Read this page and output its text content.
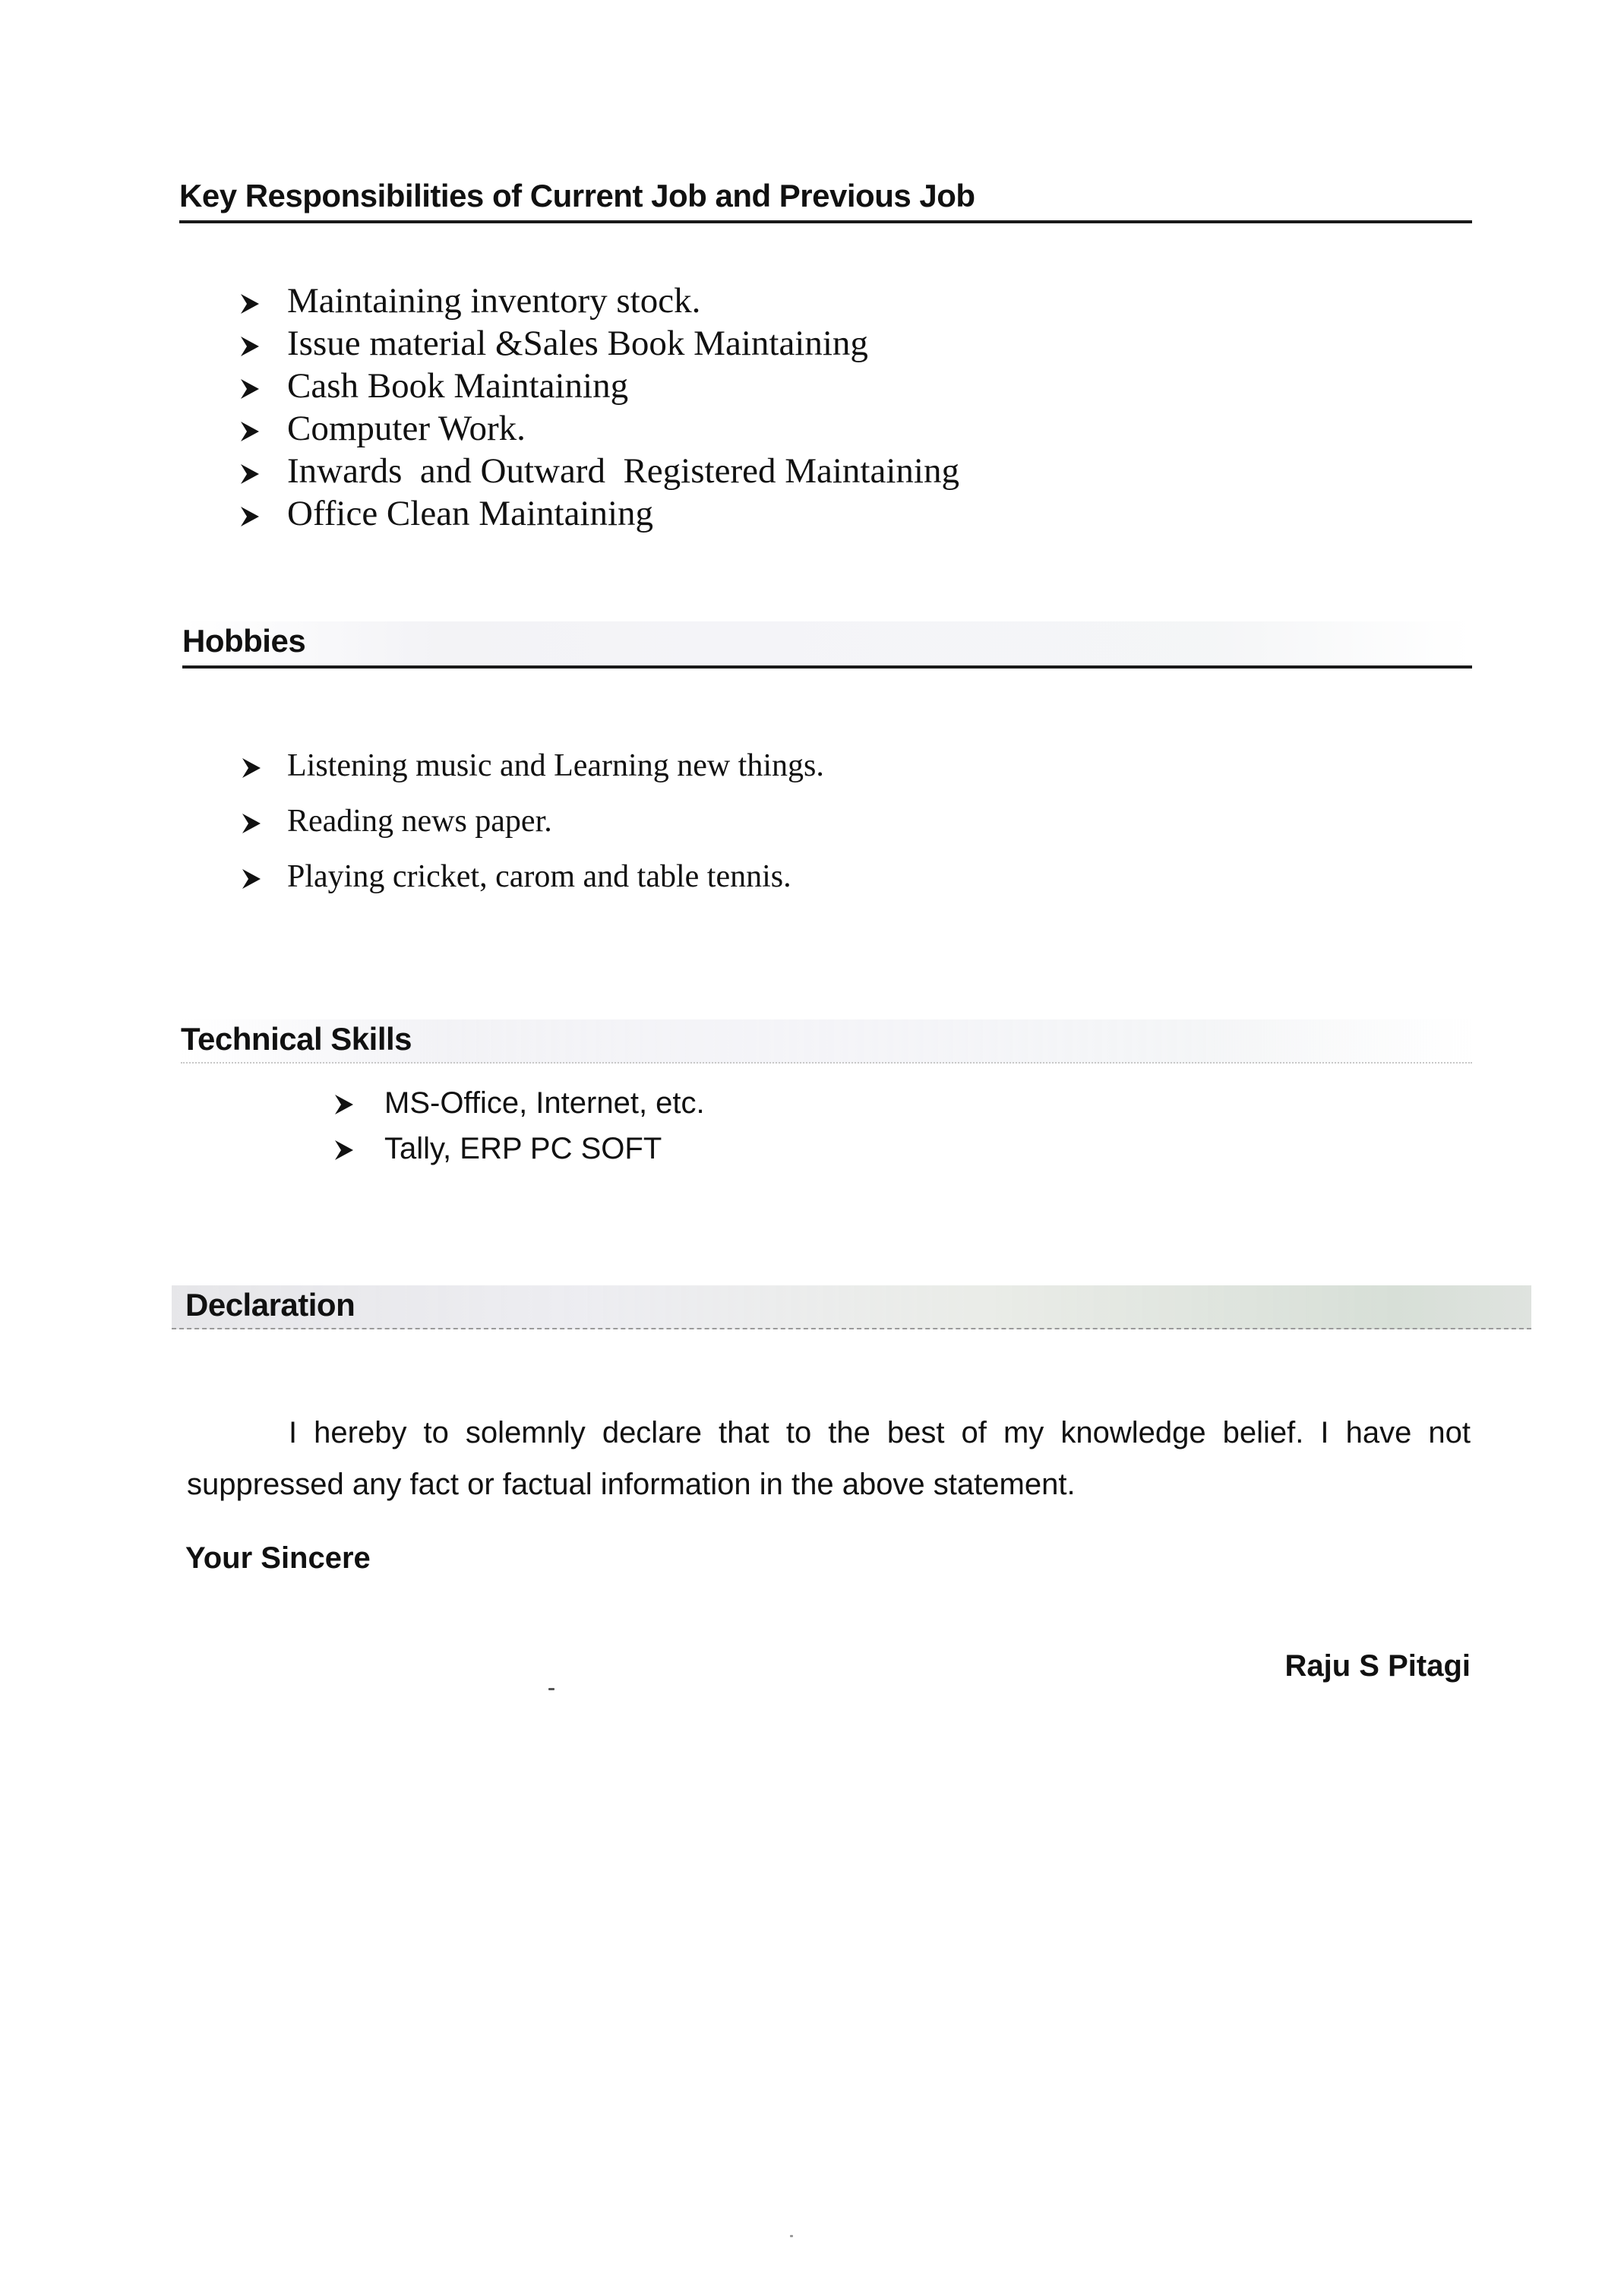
Key Responsibilities of Current Job and Previous Job
Maintaining inventory stock.
Issue material &Sales Book Maintaining
Cash Book Maintaining
Computer Work.
Inwards  and Outward  Registered Maintaining
Office Clean Maintaining
Hobbies
Listening music and Learning new things.
Reading news paper.
Playing cricket, carom and table tennis.
Technical Skills
MS-Office, Internet, etc.
Tally, ERP PC SOFT
Declaration

I hereby to solemnly declare that to the best of my knowledge belief. I have not suppressed any fact or factual information in the above statement.

Your Sincere
Raju S Pitagi
